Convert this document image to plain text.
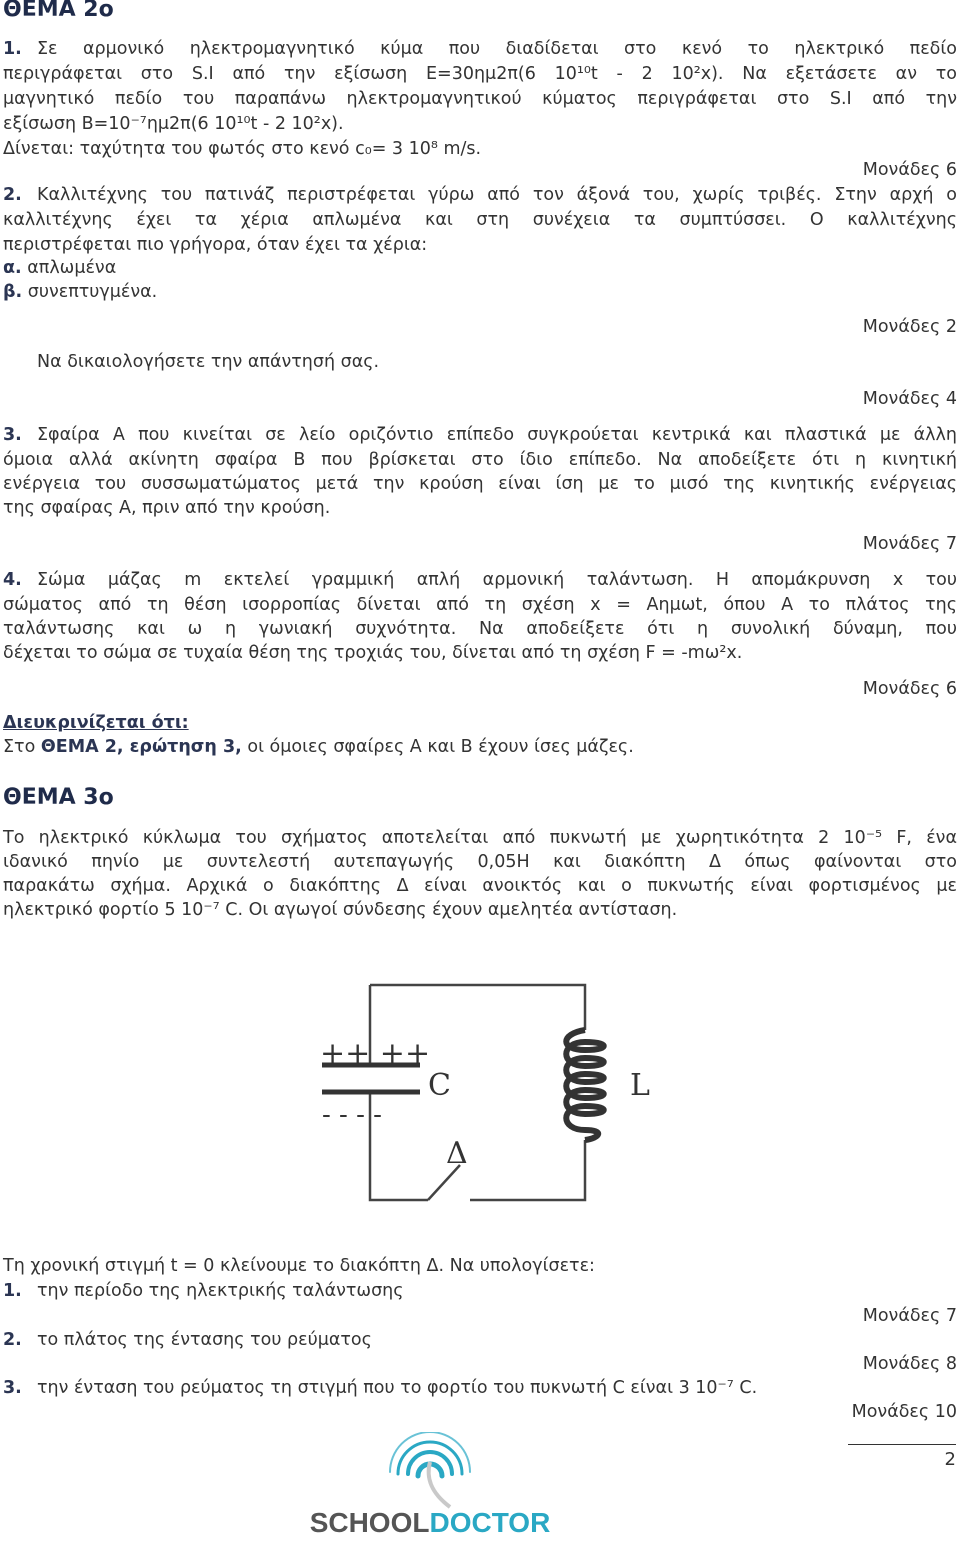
ΘΕΜΑ 2ο
1. Σε αρμονικό ηλεκτρομαγνητικό κύμα που διαδίδεται στο κενό το ηλεκτρικό πεδίο
περιγράφεται στο S.I από την εξίσωση Ε=30ημ2π(6 10¹⁰t - 2 10²x). Να εξετάσετε αν το
μαγνητικό πεδίο του παραπάνω ηλεκτρομαγνητικού κύματος περιγράφεται στο S.I από την
εξίσωση Β=10⁻⁷ημ2π(6 10¹⁰t - 2 10²x).
Δίνεται: ταχύτητα του φωτός στο κενό c₀= 3 10⁸ m/s.
Μονάδες 6
2. Καλλιτέχνης του πατινάζ περιστρέφεται γύρω από τον άξονά του, χωρίς τριβές. Στην αρχή ο
καλλιτέχνης έχει τα χέρια απλωμένα και στη συνέχεια τα συμπτύσσει. Ο καλλιτέχνης
περιστρέφεται πιο γρήγορα, όταν έχει τα χέρια:
α. απλωμένα
β. συνεπτυγμένα.
Μονάδες 2
Να δικαιολογήσετε την απάντησή σας.
Μονάδες 4
3. Σφαίρα Α που κινείται σε λείο οριζόντιο επίπεδο συγκρούεται κεντρικά και πλαστικά με άλλη
όμοια αλλά ακίνητη σφαίρα Β που βρίσκεται στο ίδιο επίπεδο. Να αποδείξετε ότι η κινητική
ενέργεια του συσσωματώματος μετά την κρούση είναι ίση με το μισό της κινητικής ενέργειας
της σφαίρας Α, πριν από την κρούση.
Μονάδες 7
4. Σώμα μάζας m εκτελεί γραμμική απλή αρμονική ταλάντωση. Η απομάκρυνση x του
σώματος από τη θέση ισορροπίας δίνεται από τη σχέση x = Αημωt, όπου Α το πλάτος της
ταλάντωσης και ω η γωνιακή συχνότητα. Να αποδείξετε ότι η συνολική δύναμη, που
δέχεται το σώμα σε τυχαία θέση της τροχιάς του, δίνεται από τη σχέση F = -mω²x.
Μονάδες 6
Διευκρινίζεται ότι:
Στο ΘΕΜΑ 2, ερώτηση 3, οι όμοιες σφαίρες Α και Β έχουν ίσες μάζες.
ΘΕΜΑ 3ο
Το ηλεκτρικό κύκλωμα του σχήματος αποτελείται από πυκνωτή με χωρητικότητα 2 10⁻⁵ F, ένα
ιδανικό πηνίο με συντελεστή αυτεπαγωγής 0,05Η και διακόπτη Δ όπως φαίνονται στο
παρακάτω σχήμα. Αρχικά ο διακόπτης Δ είναι ανοικτός και ο πυκνωτής είναι φορτισμένος με
ηλεκτρικό φορτίο 5 10⁻⁷ C. Οι αγωγοί σύνδεσης έχουν αμελητέα αντίσταση.
++ ++
- - - -
C	L
Δ
Τη χρονική στιγμή t = 0 κλείνουμε το διακόπτη Δ. Να υπολογίσετε:
1. την περίοδο της ηλεκτρικής ταλάντωσης
Μονάδες 7
2. το πλάτος της έντασης του ρεύματος
Μονάδες 8
3. την ένταση του ρεύματος τη στιγμή που το φορτίο του πυκνωτή C είναι 3 10⁻⁷ C.
Μονάδες 10
2
SCHOOLDOCTOR
